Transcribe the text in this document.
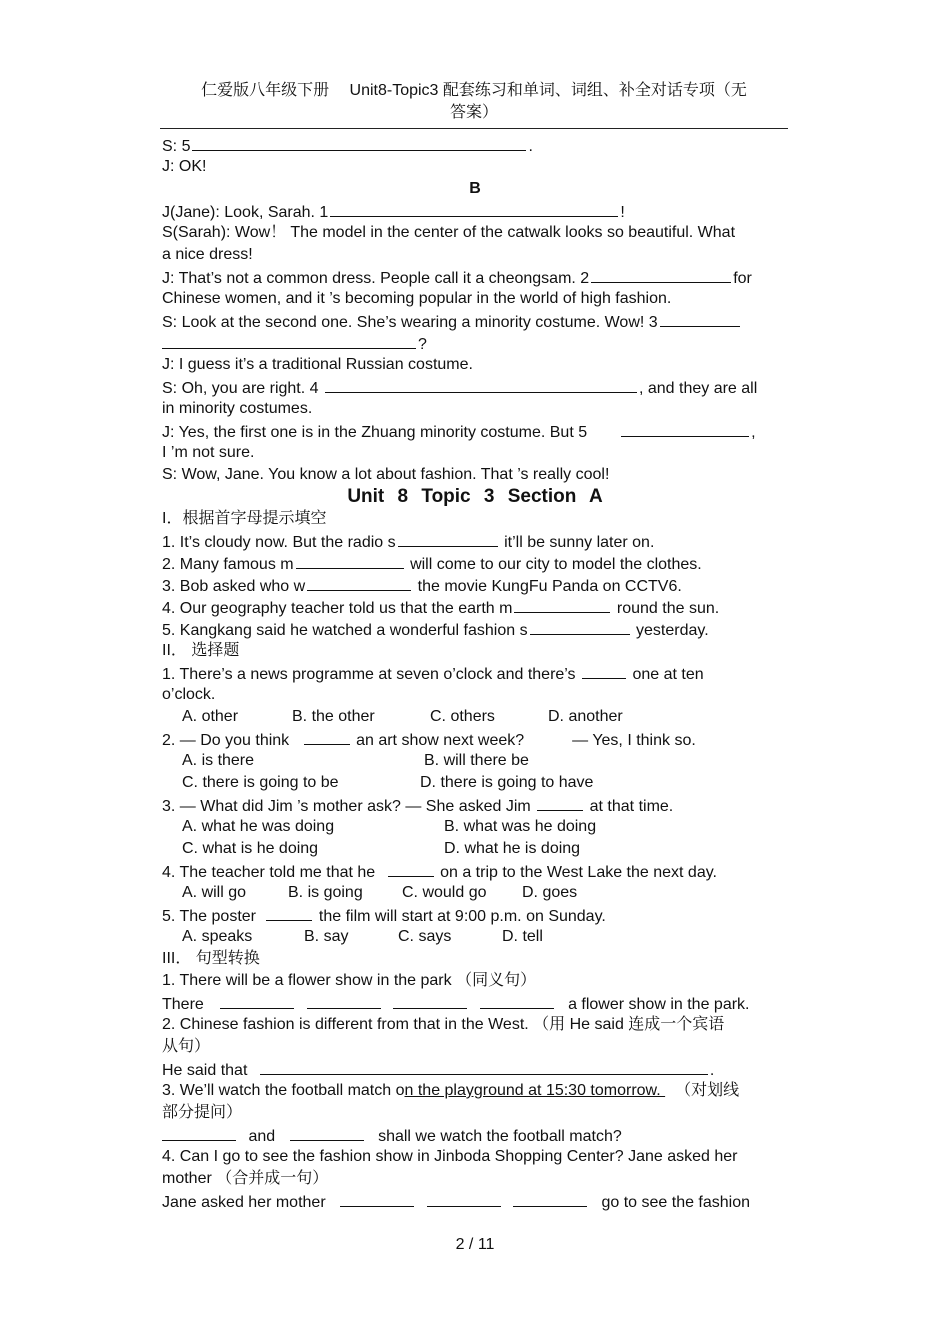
仁爱版八年级下册　 Unit8-Topic3 配套练习和单词、词组、补全对话专项（无
答案）
S: 5	.
J: OK!
B
J(Jane): Look, Sarah. 1	!
S(Sarah): Wow！ The model in the center of the catwalk looks so beautiful. What
a nice dress!
J: That’s not a common dress. People call it a cheongsam. 2	for
Chinese women, and it ’s becoming popular in the world of high fashion.
S: Look at the second one. She’s wearing a minority costume. Wow! 3
?
J: I guess it’s a traditional Russian costume.
S: Oh, you are right. 4	, and they are all
in minority costumes.
J: Yes, the first one is in the Zhuang minority costume. But 5	,
I ’m not sure.
S: Wow, Jane. You know a lot about fashion. That ’s really cool!
Unit 8 Topic 3 Section A
I．根据首字母提示填空
1. It’s cloudy now. But the radio s	it’ll be sunny later on.
2. Many famous m	will come to our city to model the clothes.
3. Bob asked who w	the movie KungFu Panda on CCTV6.
4. Our geography teacher told us that the earth m	round the sun.
5. Kangkang said he watched a wonderful fashion s	yesterday.
II． 选择题
1. There’s a news programme at seven o’clock and there’s	one at ten
o’clock.
A. other	B. the other	C. others	D. another
2. — Do you think	an art show next week?	— Yes, I think so.
A. is there	B. will there be
C. there is going to be	D. there is going to have
3. — What did Jim ’s mother ask? — She asked Jim	at that time.
A. what he was doing	B. what was he doing
C. what is he doing	D. what he is doing
4. The teacher told me that he	on a trip to the West Lake the next day.
A. will go	B. is going C. would go D. goes
5. The poster	the film will start at 9:00 p.m. on Sunday.
A. speaks	B. say	C. says	D. tell
III． 句型转换
1. There will be a flower show in the park （同义句）
There	a flower show in the park.
2. Chinese fashion is different from that in the West. （用 He said 连成一个宾语
从句）
He said that	.
3. We’ll watch the football match on the playground at 15:30 tomorrow. （对划线
部分提问）
and	shall we watch the football match?
4. Can I go to see the fashion show in Jinboda Shopping Center? Jane asked her
mother （合并成一句）
Jane asked her mother	go to see the fashion
2 / 11
